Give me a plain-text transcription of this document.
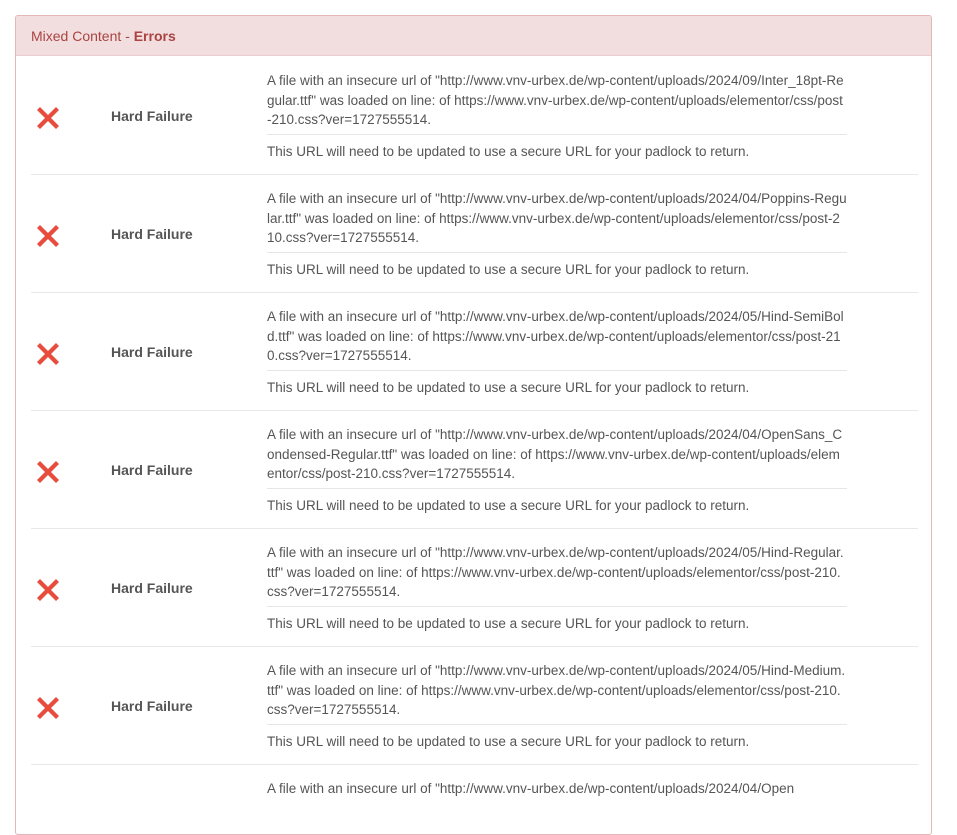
Mixed Content - Errors
Hard Failure
A file with an insecure url of "http://www.vnv-urbex.de/wp-content/uploads/2024/09/Inter_18pt-Regular.ttf" was loaded on line: of https://www.vnv-urbex.de/wp-content/uploads/elementor/css/post-210.css?ver=1727555514.
This URL will need to be updated to use a secure URL for your padlock to return.
Hard Failure
A file with an insecure url of "http://www.vnv-urbex.de/wp-content/uploads/2024/04/Poppins-Regular.ttf" was loaded on line: of https://www.vnv-urbex.de/wp-content/uploads/elementor/css/post-210.css?ver=1727555514.
This URL will need to be updated to use a secure URL for your padlock to return.
Hard Failure
A file with an insecure url of "http://www.vnv-urbex.de/wp-content/uploads/2024/05/Hind-SemiBold.ttf" was loaded on line: of https://www.vnv-urbex.de/wp-content/uploads/elementor/css/post-210.css?ver=1727555514.
This URL will need to be updated to use a secure URL for your padlock to return.
Hard Failure
A file with an insecure url of "http://www.vnv-urbex.de/wp-content/uploads/2024/04/OpenSans_Condensed-Regular.ttf" was loaded on line: of https://www.vnv-urbex.de/wp-content/uploads/elementor/css/post-210.css?ver=1727555514.
This URL will need to be updated to use a secure URL for your padlock to return.
Hard Failure
A file with an insecure url of "http://www.vnv-urbex.de/wp-content/uploads/2024/05/Hind-Regular.ttf" was loaded on line: of https://www.vnv-urbex.de/wp-content/uploads/elementor/css/post-210.css?ver=1727555514.
This URL will need to be updated to use a secure URL for your padlock to return.
Hard Failure
A file with an insecure url of "http://www.vnv-urbex.de/wp-content/uploads/2024/05/Hind-Medium.ttf" was loaded on line: of https://www.vnv-urbex.de/wp-content/uploads/elementor/css/post-210.css?ver=1727555514.
This URL will need to be updated to use a secure URL for your padlock to return.
A file with an insecure url of "http://www.vnv-urbex.de/wp-content/uploads/2024/04/Open
